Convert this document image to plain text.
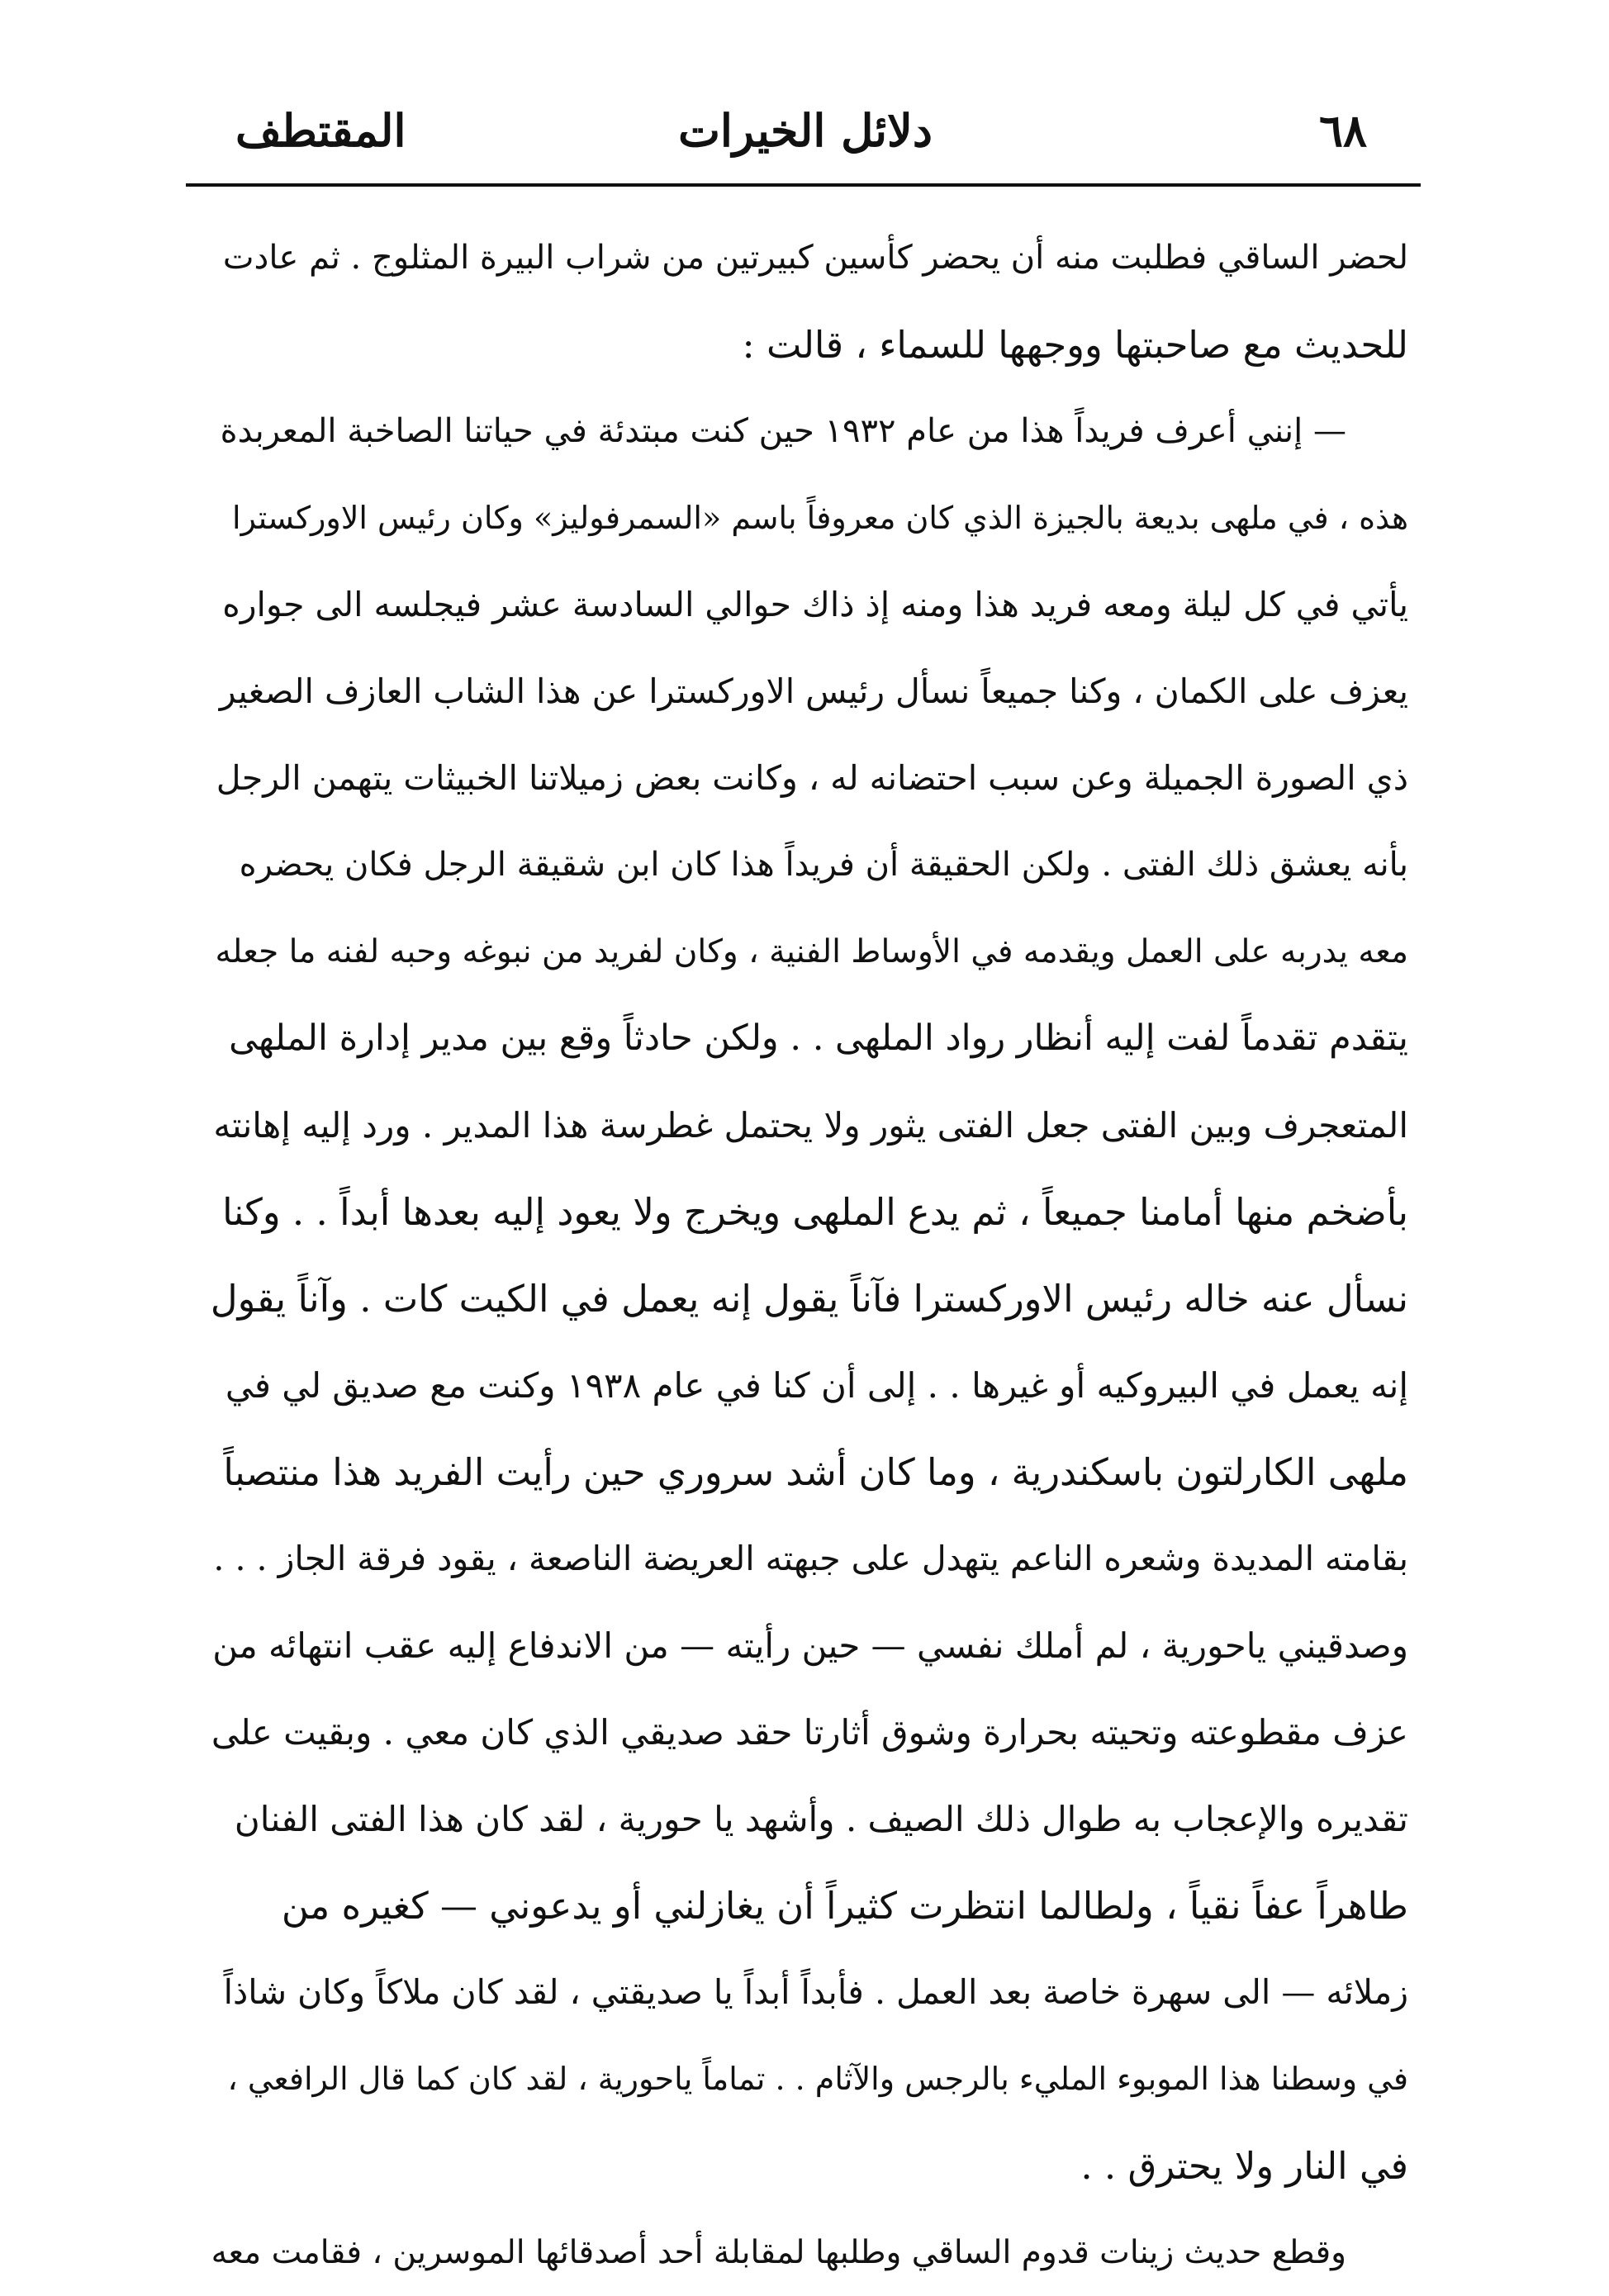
٦٨
دلائل الخيرات
المقتطف
لحضر الساقي فطلبت منه أن يحضر كأسين كبيرتين من شراب البيرة المثلوج . ثم عادت
للحديث مع صاحبتها ووجهها للسماء ، قالت :
— إنني أعرف فريداً هذا من عام ١٩٣٢ حين كنت مبتدئة في حياتنا الصاخبة المعربدة
هذه ، في ملهى بديعة بالجيزة الذي كان معروفاً باسم «السمرفوليز» وكان رئيس الاوركسترا
يأتي في كل ليلة ومعه فريد هذا ومنه إذ ذاك حوالي السادسة عشر فيجلسه الى جواره
يعزف على الكمان ، وكنا جميعاً نسأل رئيس الاوركسترا عن هذا الشاب العازف الصغير
ذي الصورة الجميلة وعن سبب احتضانه له ، وكانت بعض زميلاتنا الخبيثات يتهمن الرجل
بأنه يعشق ذلك الفتى . ولكن الحقيقة أن فريداً هذا كان ابن شقيقة الرجل فكان يحضره
معه يدربه على العمل ويقدمه في الأوساط الفنية ، وكان لفريد من نبوغه وحبه لفنه ما جعله
يتقدم تقدماً لفت إليه أنظار رواد الملهى . . ولكن حادثاً وقع بين مدير إدارة الملهى
المتعجرف وبين الفتى جعل الفتى يثور ولا يحتمل غطرسة هذا المدير . ورد إليه إهانته
بأضخم منها أمامنا جميعاً ، ثم يدع الملهى ويخرج ولا يعود إليه بعدها أبداً . . وكنا
نسأل عنه خاله رئيس الاوركسترا فآناً يقول إنه يعمل في الكيت كات . وآناً يقول
إنه يعمل في البيروكيه أو غيرها . . إلى أن كنا في عام ١٩٣٨ وكنت مع صديق لي في
ملهى الكارلتون باسكندرية ، وما كان أشد سروري حين رأيت الفريد هذا منتصباً
بقامته المديدة وشعره الناعم يتهدل على جبهته العريضة الناصعة ، يقود فرقة الجاز . . .
وصدقيني ياحورية ، لم أملك نفسي — حين رأيته — من الاندفاع إليه عقب انتهائه من
عزف مقطوعته وتحيته بحرارة وشوق أثارتا حقد صديقي الذي كان معي . وبقيت على
تقديره والإعجاب به طوال ذلك الصيف . وأشهد يا حورية ، لقد كان هذا الفتى الفنان
طاهراً عفاً نقياً ، ولطالما انتظرت كثيراً أن يغازلني أو يدعوني — كغيره من
زملائه — الى سهرة خاصة بعد العمل . فأبداً أبداً يا صديقتي ، لقد كان ملاكاً وكان شاذاً
في وسطنا هذا الموبوء المليء بالرجس والآثام . . تماماً ياحورية ، لقد كان كما قال الرافعي ،
في النار ولا يحترق . .
وقطع حديث زينات قدوم الساقي وطلبها لمقابلة أحد أصدقائها الموسرين ، فقامت معه
